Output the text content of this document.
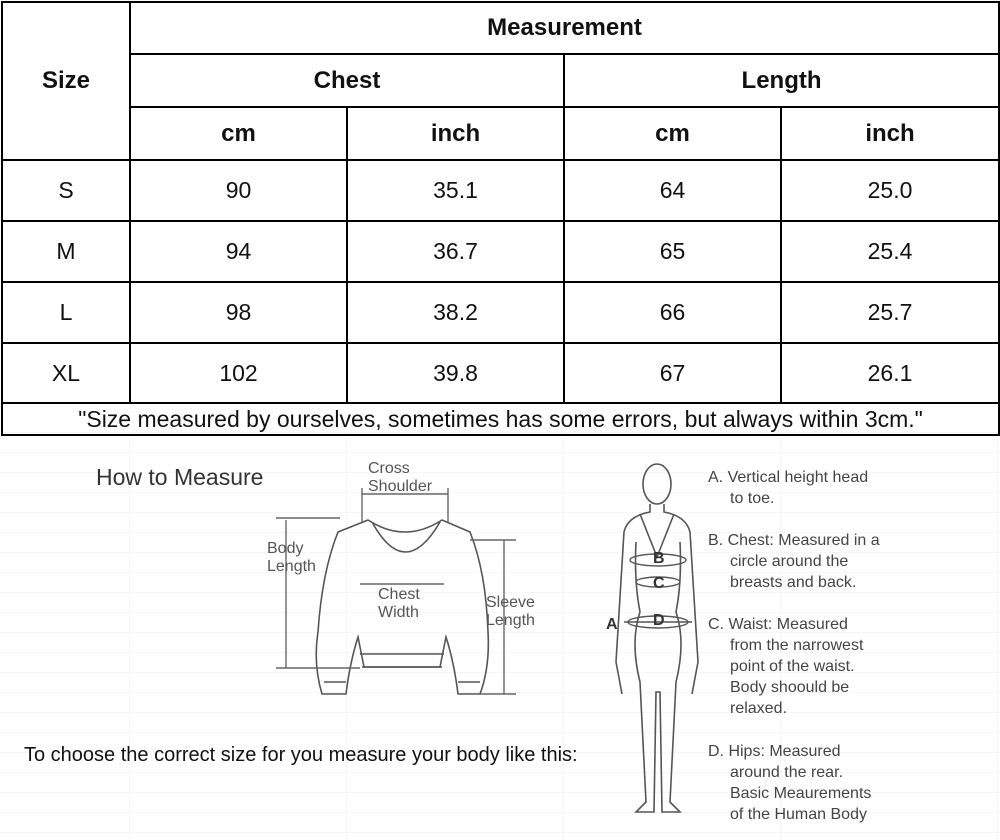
Size	Measurement			
	Chest		Length	
	cm	inch	cm	inch
S	90	35.1	64	25.0
M	94	36.7	65	25.4
L	98	38.2	66	25.7
XL	102	39.8	67	26.1
"Size measured by ourselves, sometimes has some errors, but always within 3cm."				
How to Measure
To choose the correct size for you measure your body like this:
A
B
C
D
Cross
Shoulder
Body
Length
Chest
Width
Sleeve
Length
A. Vertical height head
to toe.
B. Chest: Measured in a
circle around the
breasts and back.
C. Waist: Measured
from the narrowest
point of the waist.
Body shoould be
relaxed.
D. Hips: Measured
around the rear.
Basic Meaurements
of the Human Body
